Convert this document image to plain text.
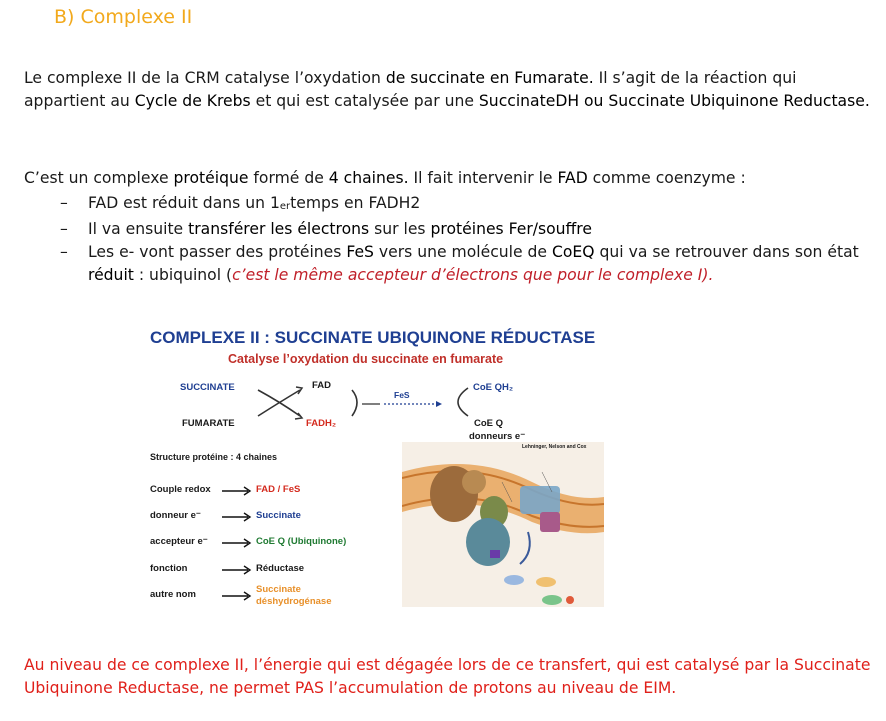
B) Complexe II
Le complexe II de la CRM catalyse l’oxydation de succinate en Fumarate. Il s’agit de la réaction qui appartient au Cycle de Krebs et qui est catalysée par une SuccinateDH ou Succinate Ubiquinone Reductase.
C’est un complexe protéique formé de 4 chaines. Il fait intervenir le FAD comme coenzyme :
– FAD est réduit dans un 1ertemps en FADH2
– Il va ensuite transférer les électrons sur les protéines Fer/souffre
– Les e- vont passer des protéines FeS vers une molécule de CoEQ qui va se retrouver dans son état réduit : ubiquinol (c’est le même accepteur d’électrons que pour le complexe I).
COMPLEXE II : SUCCINATE UBIQUINONE RÉDUCTASE
Catalyse l’oxydation du succinate en fumarate
SUCCINATE
FUMARATE
FAD
FADH₂
FeS
CoE QH₂
CoE Q
donneurs e⁻
Structure protéine : 4 chaines
Couple redox	FAD / FeS
donneur e⁻	Succinate
accepteur e⁻	CoE Q (Ubiquinone)
fonction	Réductase
autre nom	Succinate
déshydrogénase
Lehninger, Nelson and Cox
Au niveau de ce complexe II, l’énergie qui est dégagée lors de ce transfert, qui est catalysé par la Succinate Ubiquinone Reductase, ne permet PAS l’accumulation de protons au niveau de EIM.
